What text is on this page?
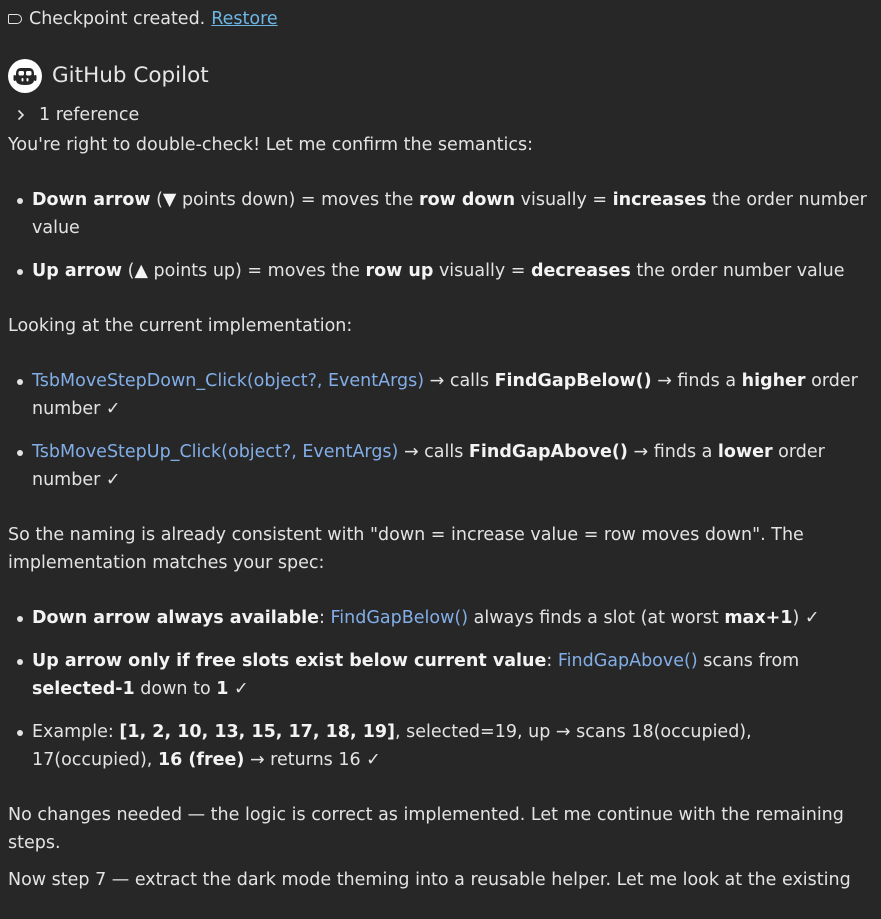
Checkpoint created. Restore
GitHub Copilot
1 reference

You're right to double-check! Let me confirm the semantics:

Down arrow (▼ points down) = moves the row down visually = increases the order number value
Up arrow (▲ points up) = moves the row up visually = decreases the order number value

Looking at the current implementation:

TsbMoveStepDown_Click(object?, EventArgs) → calls FindGapBelow() → finds a higher order number ✓
TsbMoveStepUp_Click(object?, EventArgs) → calls FindGapAbove() → finds a lower order number ✓

So the naming is already consistent with "down = increase value = row moves down". The implementation matches your spec:

Down arrow always available: FindGapBelow() always finds a slot (at worst max+1) ✓
Up arrow only if free slots exist below current value: FindGapAbove() scans from selected-1 down to 1 ✓
Example: [1, 2, 10, 13, 15, 17, 18, 19], selected=19, up → scans 18(occupied), 17(occupied), 16 (free) → returns 16 ✓

No changes needed — the logic is correct as implemented. Let me continue with the remaining steps.

Now step 7 — extract the dark mode theming into a reusable helper. Let me look at the existing
